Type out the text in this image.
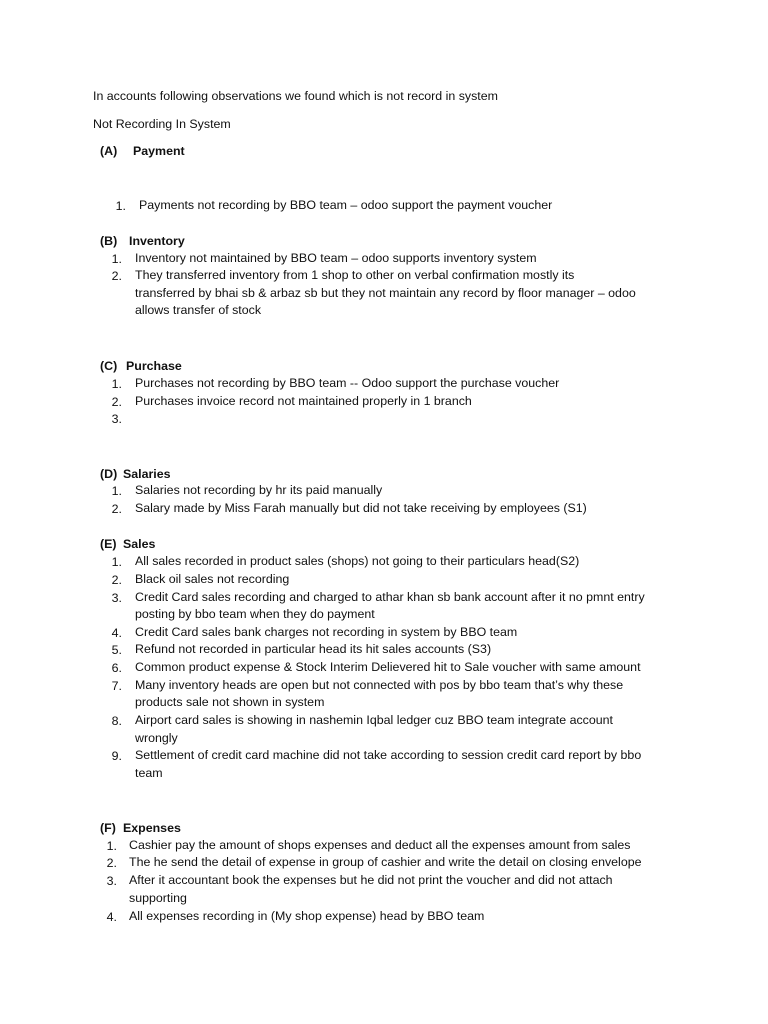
In accounts following observations we found which is not record in system
Not Recording In System
(A) Payment
1. Payments not recording by BBO team – odoo support the payment voucher
(B) Inventory
1. Inventory not maintained by BBO team – odoo supports inventory system
2. They transferred inventory from 1 shop to other on verbal confirmation mostly its
transferred by bhai sb & arbaz sb but they not maintain any record by floor manager – odoo
allows transfer of stock
(C) Purchase
1. Purchases not recording by BBO team -- Odoo support the purchase voucher
2. Purchases invoice record not maintained properly in 1 branch
3.
(D) Salaries
1. Salaries not recording by hr its paid manually
2. Salary made by Miss Farah manually but did not take receiving by employees (S1)
(E) Sales
1. All sales recorded in product sales (shops) not going to their particulars head(S2)
2. Black oil sales not recording
3. Credit Card sales recording and charged to athar khan sb bank account after it no pmnt entry
posting by bbo team when they do payment
4. Credit Card sales bank charges not recording in system by BBO team
5. Refund not recorded in particular head its hit sales accounts (S3)
6. Common product expense & Stock Interim Delievered hit to Sale voucher with same amount
7. Many inventory heads are open but not connected with pos by bbo team that’s why these
products sale not shown in system
8. Airport card sales is showing in nashemin Iqbal ledger cuz BBO team integrate account
wrongly
9. Settlement of credit card machine did not take according to session credit card report by bbo
team
(F) Expenses
1. Cashier pay the amount of shops expenses and deduct all the expenses amount from sales
2. The he send the detail of expense in group of cashier and write the detail on closing envelope
3. After it accountant book the expenses but he did not print the voucher and did not attach
supporting
4. All expenses recording in (My shop expense) head by BBO team
